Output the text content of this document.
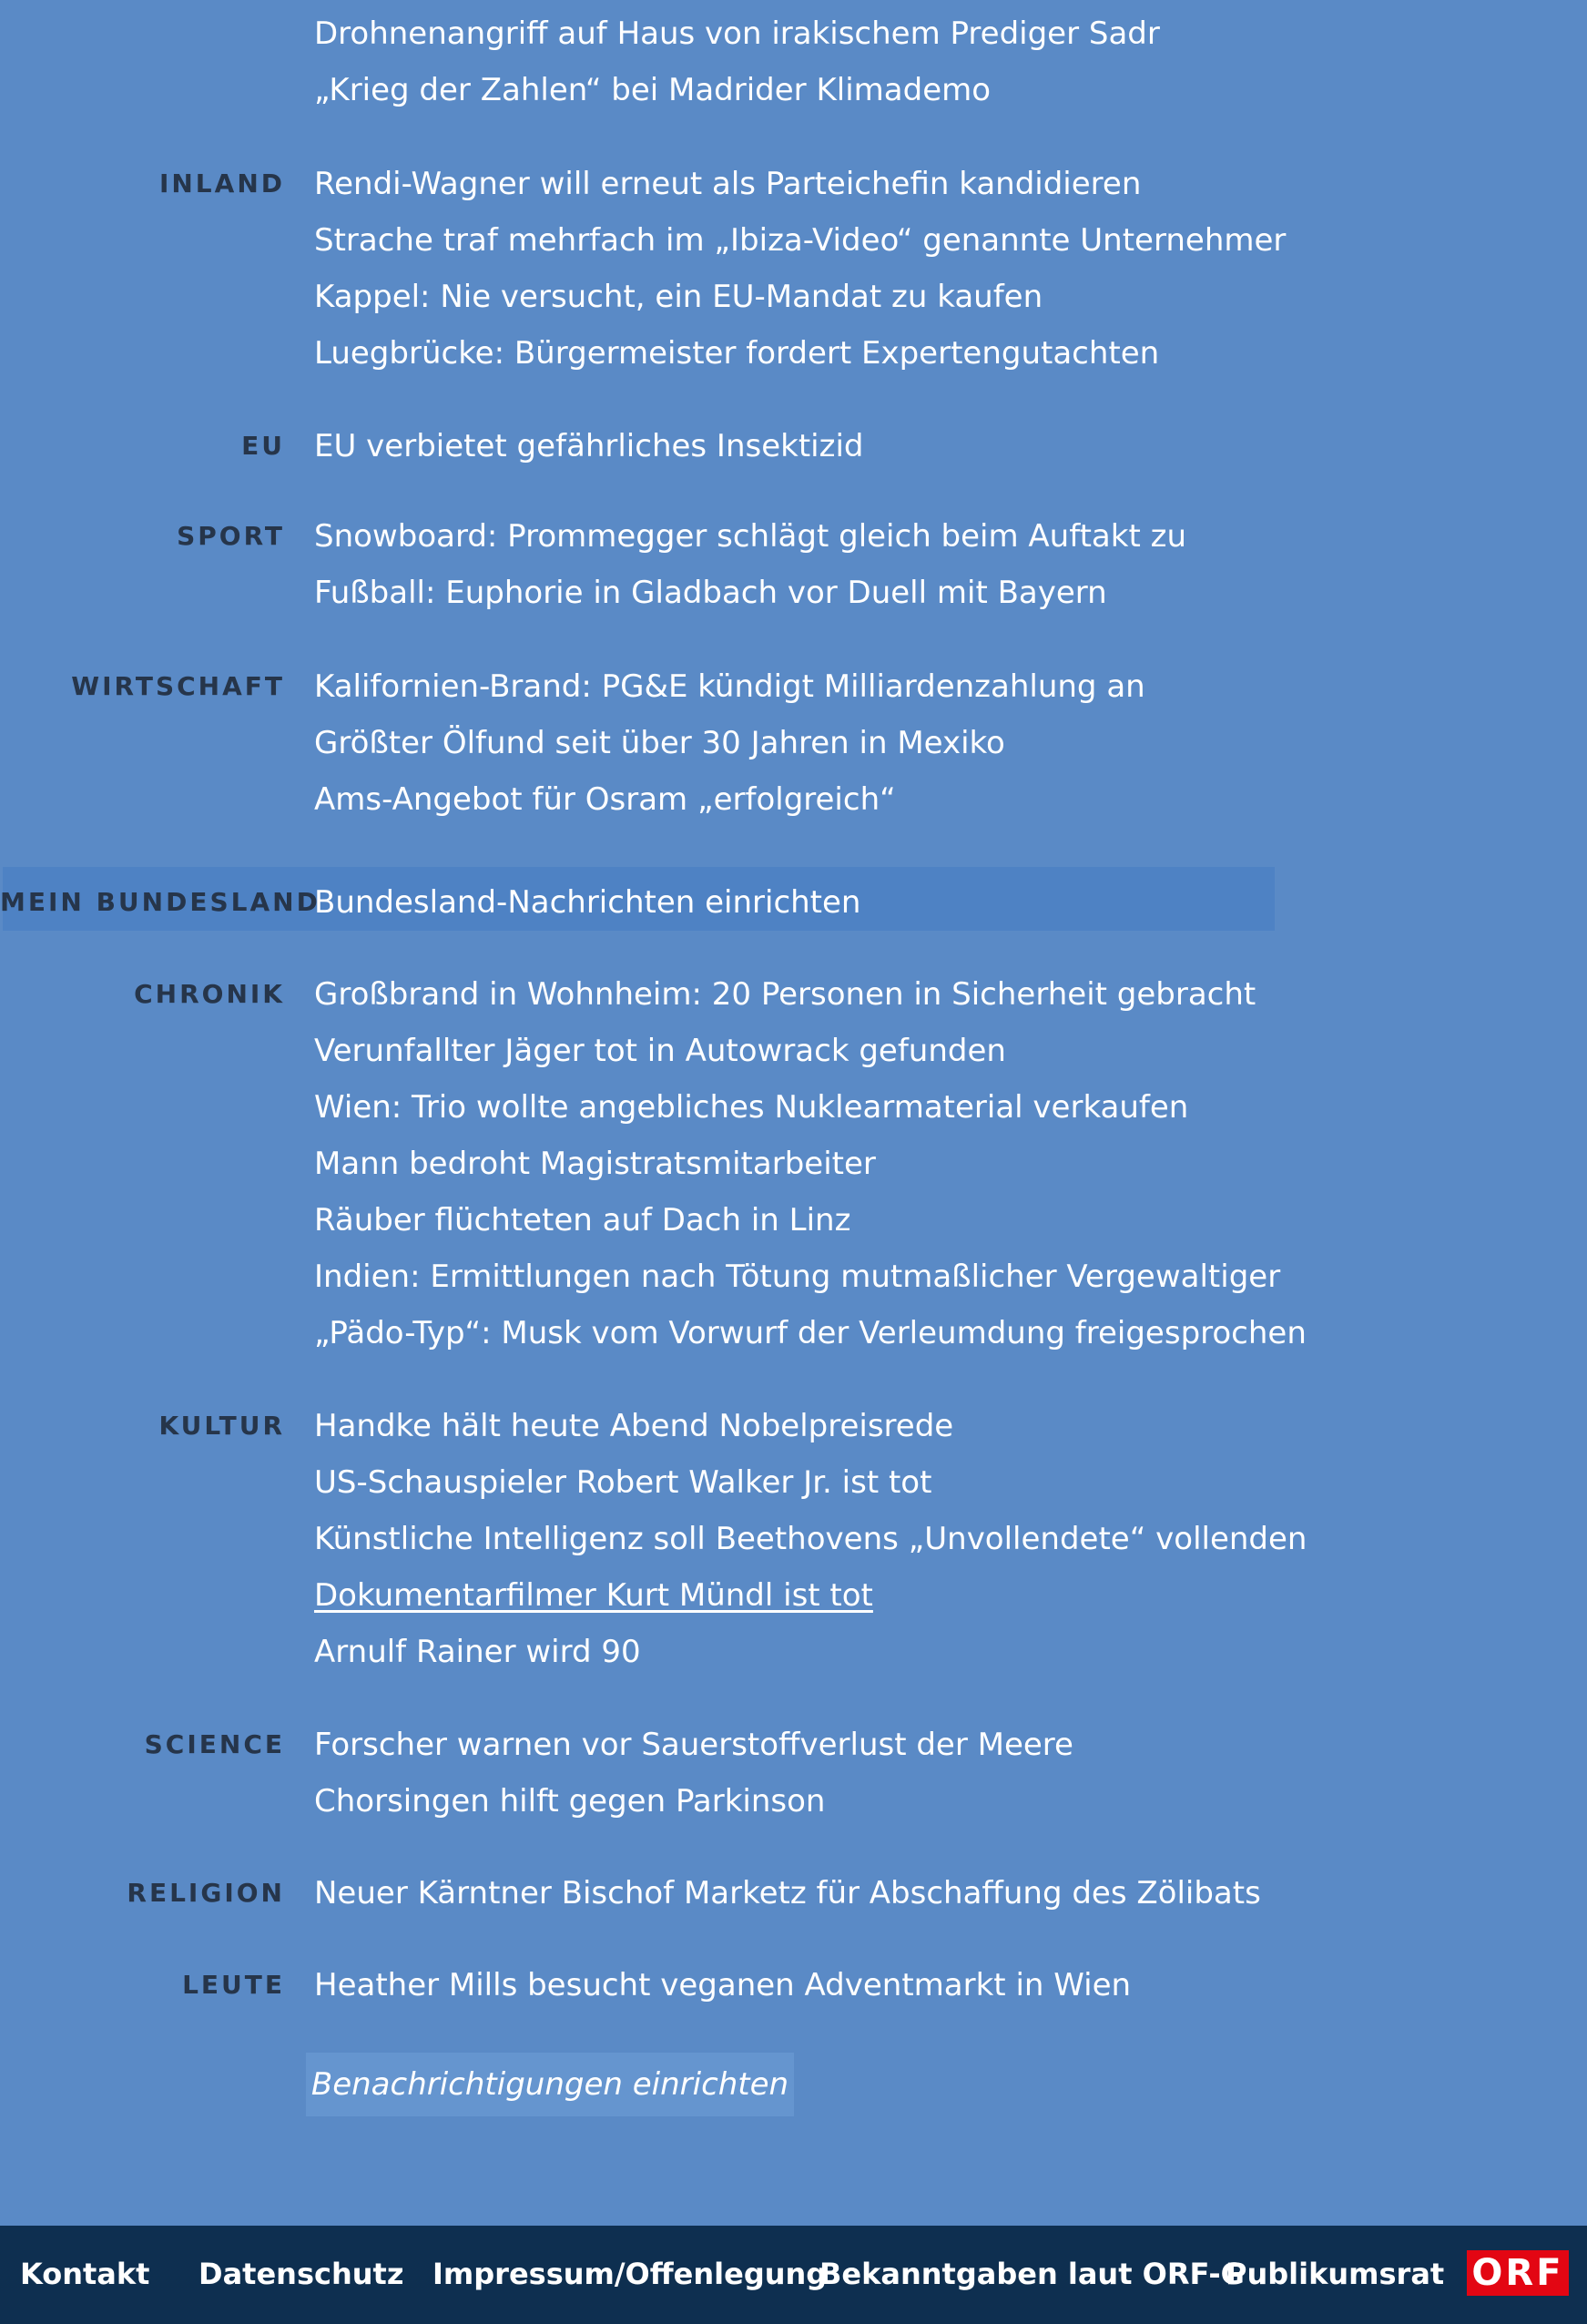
Drohnenangriff auf Haus von irakischem Prediger Sadr
„Krieg der Zahlen“ bei Madrider Klimademo
INLAND Rendi-Wagner will erneut als Parteichefin kandidieren
Strache traf mehrfach im „Ibiza-Video“ genannte Unternehmer
Kappel: Nie versucht, ein EU-Mandat zu kaufen
Luegbrücke: Bürgermeister fordert Expertengutachten
EU EU verbietet gefährliches Insektizid
SPORT Snowboard: Prommegger schlägt gleich beim Auftakt zu
Fußball: Euphorie in Gladbach vor Duell mit Bayern
WIRTSCHAFT Kalifornien-Brand: PG&E kündigt Milliardenzahlung an
Größter Ölfund seit über 30 Jahren in Mexiko
Ams-Angebot für Osram „erfolgreich“
MEIN BUNDESLAND
Bundesland-Nachrichten einrichten
CHRONIK Großbrand in Wohnheim: 20 Personen in Sicherheit gebracht
Verunfallter Jäger tot in Autowrack gefunden
Wien: Trio wollte angebliches Nuklearmaterial verkaufen
Mann bedroht Magistratsmitarbeiter
Räuber flüchteten auf Dach in Linz
Indien: Ermittlungen nach Tötung mutmaßlicher Vergewaltiger
„Pädo-Typ“: Musk vom Vorwurf der Verleumdung freigesprochen
KULTUR Handke hält heute Abend Nobelpreisrede
US-Schauspieler Robert Walker Jr. ist tot
Künstliche Intelligenz soll Beethovens „Unvollendete“ vollenden
Dokumentarfilmer Kurt Mündl ist tot
Arnulf Rainer wird 90
SCIENCE Forscher warnen vor Sauerstoffverlust der Meere
Chorsingen hilft gegen Parkinson
RELIGION Neuer Kärntner Bischof Marketz für Abschaffung des Zölibats
LEUTE Heather Mills besucht veganen Adventmarkt in Wien
Benachrichtigungen einrichten
Kontakt Datenschutz Impressum/Offenlegung
Bekanntgaben laut ORF-G
Publikumsrat ORF
